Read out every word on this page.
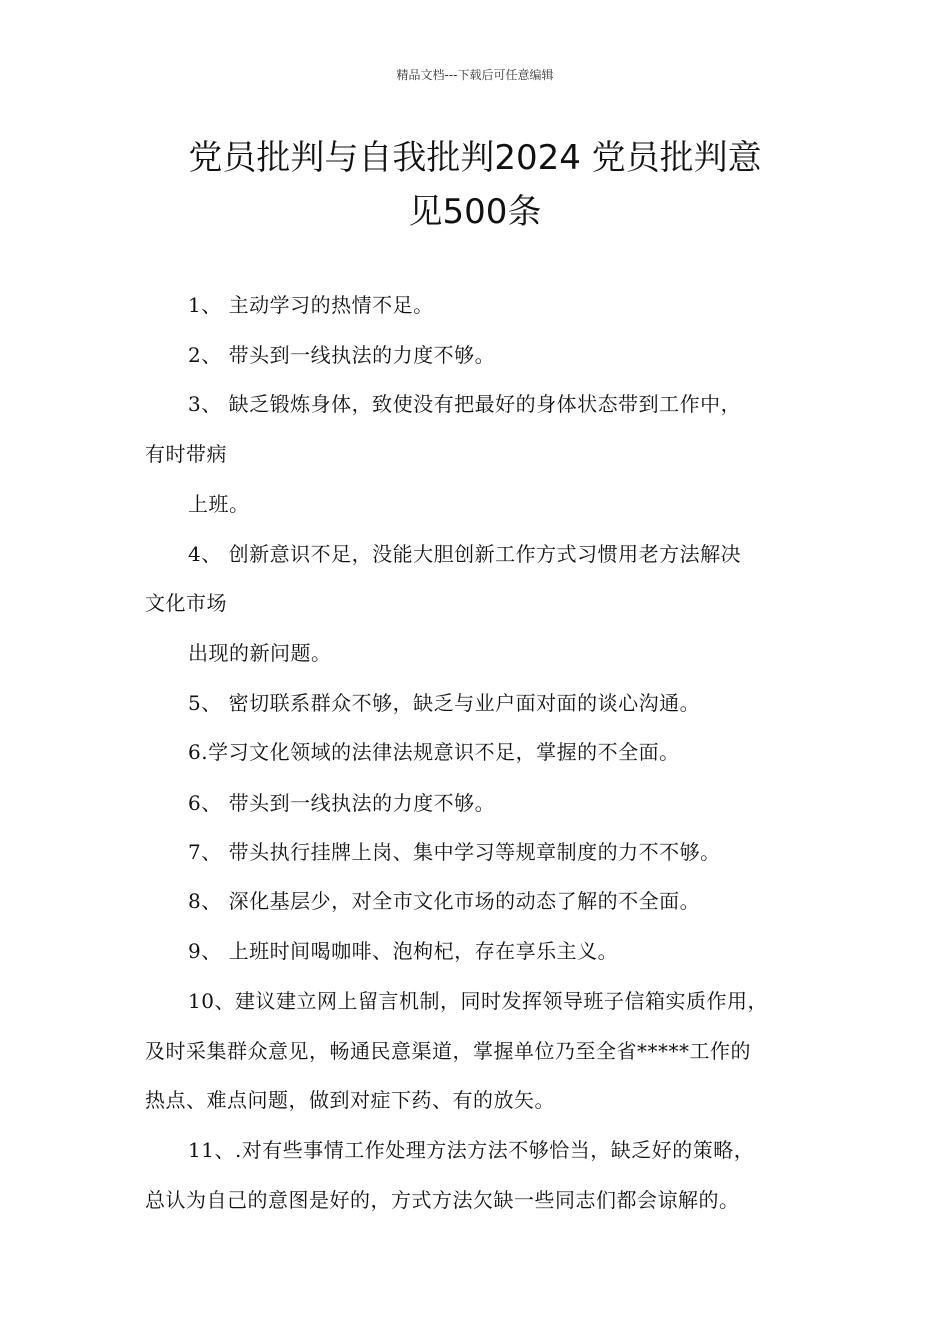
精品文档---下载后可任意编辑
党员批判与自我批判2024 党员批判意
见500条
1、 主动学习的热情不足。
2、 带头到一线执法的力度不够。
3、 缺乏锻炼身体，致使没有把最好的身体状态带到工作中，
有时带病
上班。
4、 创新意识不足，没能大胆创新工作方式习惯用老方法解决
文化市场
出现的新问题。
5、 密切联系群众不够，缺乏与业户面对面的谈心沟通。
6.学习文化领域的法律法规意识不足，掌握的不全面。
6、 带头到一线执法的力度不够。
7、 带头执行挂牌上岗、集中学习等规章制度的力不不够。
8、 深化基层少，对全市文化市场的动态了解的不全面。
9、 上班时间喝咖啡、泡枸杞，存在享乐主义。
10、建议建立网上留言机制，同时发挥领导班子信箱实质作用，
及时采集群众意见，畅通民意渠道，掌握单位乃至全省*****工作的
热点、难点问题，做到对症下药、有的放矢。
11、.对有些事情工作处理方法方法不够恰当，缺乏好的策略，
总认为自己的意图是好的，方式方法欠缺一些同志们都会谅解的。
